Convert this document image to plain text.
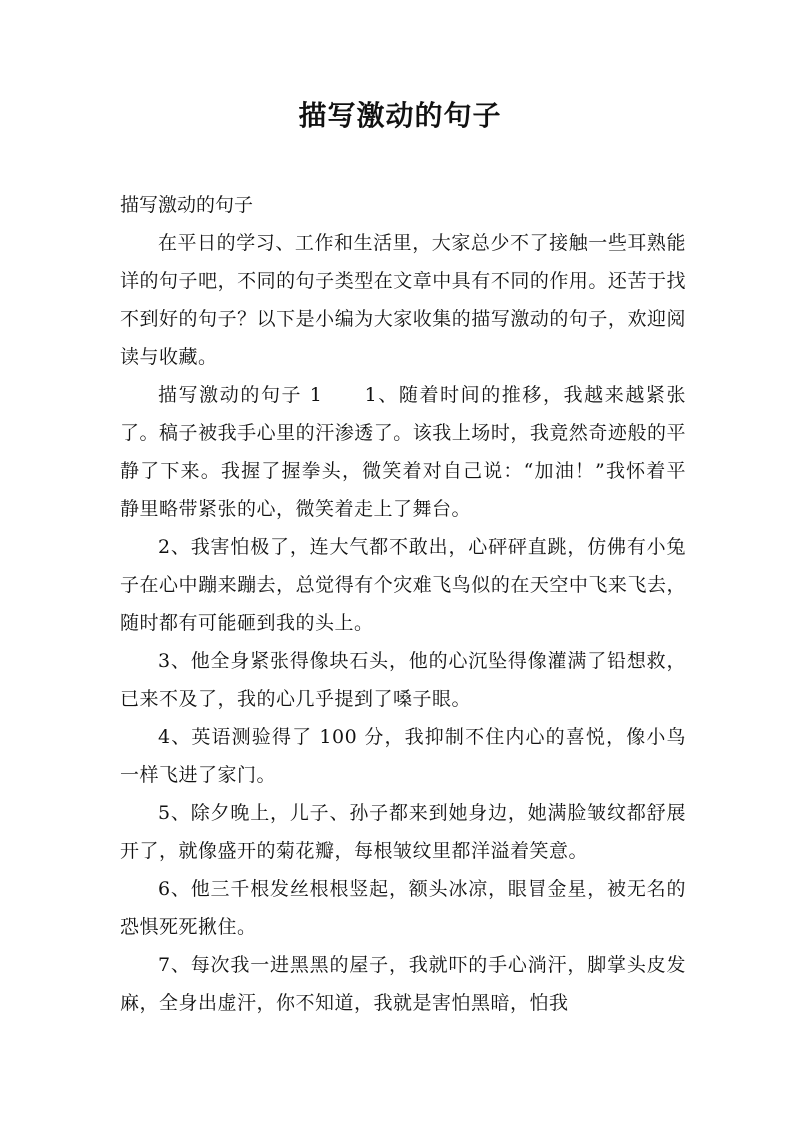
描写激动的句子

描写激动的句子

在平日的学习、工作和生活里，大家总少不了接触一些耳熟能详的句子吧，不同的句子类型在文章中具有不同的作用。还苦于找不到好的句子？以下是小编为大家收集的描写激动的句子，欢迎阅读与收藏。

描写激动的句子 1　　1、随着时间的推移，我越来越紧张了。稿子被我手心里的汗渗透了。该我上场时，我竟然奇迹般的平静了下来。我握了握拳头，微笑着对自己说：“加油！”我怀着平静里略带紧张的心，微笑着走上了舞台。

2、我害怕极了，连大气都不敢出，心砰砰直跳，仿佛有小兔子在心中蹦来蹦去，总觉得有个灾难飞鸟似的在天空中飞来飞去，随时都有可能砸到我的头上。

3、他全身紧张得像块石头，他的心沉坠得像灌满了铅想救，已来不及了，我的心几乎提到了嗓子眼。

4、英语测验得了 100 分，我抑制不住内心的喜悦，像小鸟一样飞进了家门。

5、除夕晚上，儿子、孙子都来到她身边，她满脸皱纹都舒展开了，就像盛开的菊花瓣，每根皱纹里都洋溢着笑意。

6、他三千根发丝根根竖起，额头冰凉，眼冒金星，被无名的恐惧死死揪住。

7、每次我一进黑黑的屋子，我就吓的手心淌汗，脚掌头皮发麻，全身出虚汗，你不知道，我就是害怕黑暗，怕我
